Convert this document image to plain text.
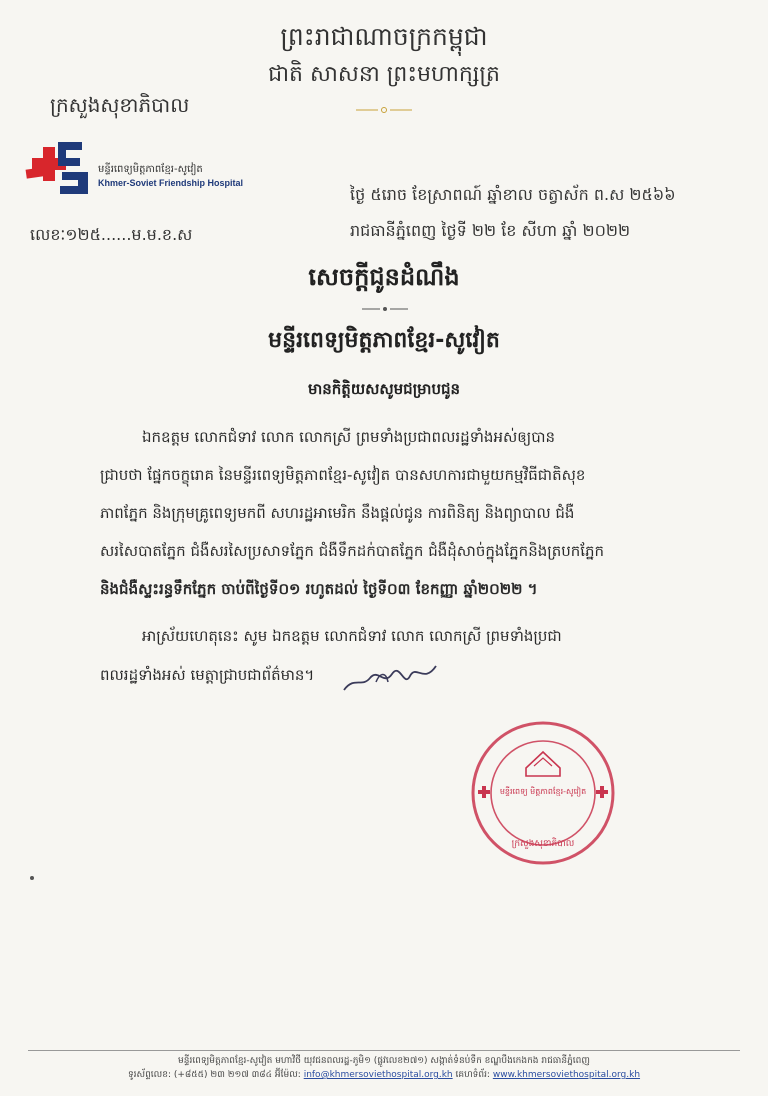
ព្រះរាជាណាចក្រកម្ពុជា
ជាតិ សាសនា ព្រះមហាក្សត្រ
ក្រសួងសុខាភិបាល
មន្ទីរពេទ្យមិត្តភាពខ្មែរ-សូវៀត
Khmer-Soviet Friendship Hospital
ថ្ងៃ ៥រោច ខែស្រាពណ៍ ឆ្នាំខាល ចត្វាស័ក ព.ស ២៥៦៦
រាជធានីភ្នំពេញ ថ្ងៃទី ២២ ខែ សីហា ឆ្នាំ ២០២២
លេខៈ១២៥......ម.ម.ខ.ស
សេចក្តីជូនដំណឹង
មន្ទីរពេទ្យមិត្តភាពខ្មែរ-សូវៀត
មានកិត្តិយសសូមជម្រាបជូន
ឯកឧត្តម លោកជំទាវ លោក លោកស្រី ព្រមទាំងប្រជាពលរដ្ឋទាំងអស់ឲ្យបាន
ជ្រាបថា ផ្នែកចក្ខុរោគ នៃមន្ទីរពេទ្យមិត្តភាពខ្មែរ-សូវៀត បានសហការជាមួយកម្មវិធីជាតិសុខ
ភាពភ្នែក និងក្រុមគ្រូពេទ្យមកពី សហរដ្ឋអាមេរិក នឹងផ្តល់ជូន ការពិនិត្យ និងព្យាបាល ជំងឺ
សរសៃបាតភ្នែក ជំងឺសរសៃប្រសាទភ្នែក ជំងឺទឹកដក់បាតភ្នែក ជំងឺដុំសាច់ក្នុងភ្នែកនិងត្របកភ្នែក
និងជំងឺស្ទះរន្ធទឹកភ្នែក ចាប់ពីថ្ងៃទី០១ រហូតដល់ ថ្ងៃទី០៣ ខែកញ្ញា ឆ្នាំ២០២២ ។
អាស្រ័យហេតុនេះ សូម ឯកឧត្តម លោកជំទាវ លោក លោកស្រី ព្រមទាំងប្រជា
ពលរដ្ឋទាំងអស់ មេត្តាជ្រាបជាព័ត៌មាន។
មន្ទីរពេទ្យ មិត្តភាពខ្មែរ-សូវៀត
ក្រសួងសុខាភិបាល
មន្ទីរពេទ្យមិត្តភាពខ្មែរ-សូវៀត មហាវិថី យុវជនពលរដ្ឋ-ភូមិ១ (ផ្លូវលេខ២៧១) សង្កាត់ទំនប់ទឹក ខណ្ឌបឹងកេងកង រាជធានីភ្នំពេញ
ទូរស័ព្ទលេខ: (+៨៥៥) ២៣ ២១៧ ៣៨៤ អ៊ីម៉ែល: info@khmersoviethospital.org.kh គេហទំព័រ: www.khmersoviethospital.org.kh
